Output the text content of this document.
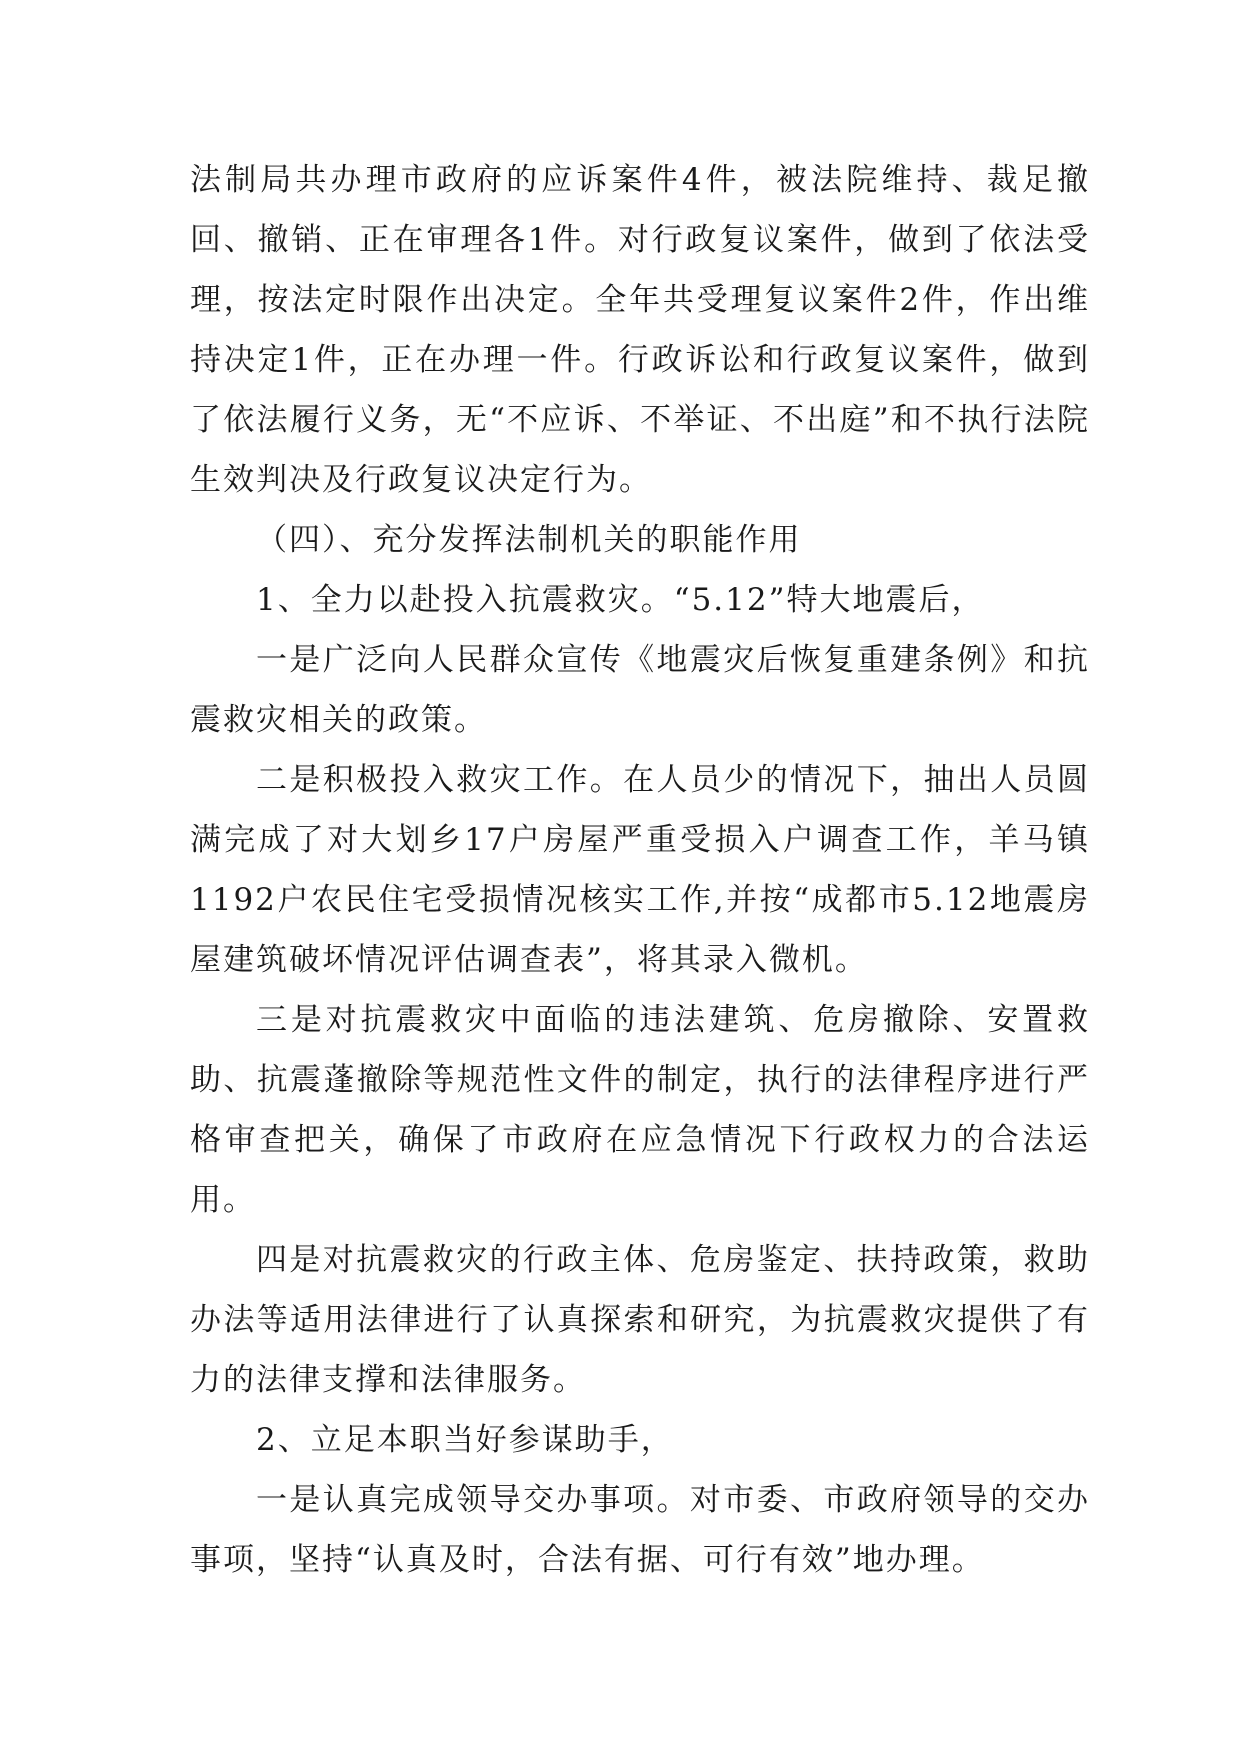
法制局共办理市政府的应诉案件4件，被法院维持、裁足撤回、撤销、正在审理各1件。对行政复议案件，做到了依法受理，按法定时限作出决定。全年共受理复议案件2件，作出维持决定1件，正在办理一件。行政诉讼和行政复议案件，做到了依法履行义务，无“不应诉、不举证、不出庭”和不执行法院生效判决及行政复议决定行为。

（四）、充分发挥法制机关的职能作用

1、全力以赴投入抗震救灾。“5.12”特大地震后，

一是广泛向人民群众宣传《地震灾后恢复重建条例》和抗震救灾相关的政策。

二是积极投入救灾工作。在人员少的情况下，抽出人员圆满完成了对大划乡17户房屋严重受损入户调查工作，羊马镇1192户农民住宅受损情况核实工作,并按“成都市5.12地震房屋建筑破坏情况评估调查表”，将其录入微机。

三是对抗震救灾中面临的违法建筑、危房撤除、安置救助、抗震蓬撤除等规范性文件的制定，执行的法律程序进行严格审查把关，确保了市政府在应急情况下行政权力的合法运用。

四是对抗震救灾的行政主体、危房鉴定、扶持政策，救助办法等适用法律进行了认真探索和研究，为抗震救灾提供了有力的法律支撑和法律服务。

2、立足本职当好参谋助手，

一是认真完成领导交办事项。对市委、市政府领导的交办事项，坚持“认真及时，合法有据、可行有效”地办理。
